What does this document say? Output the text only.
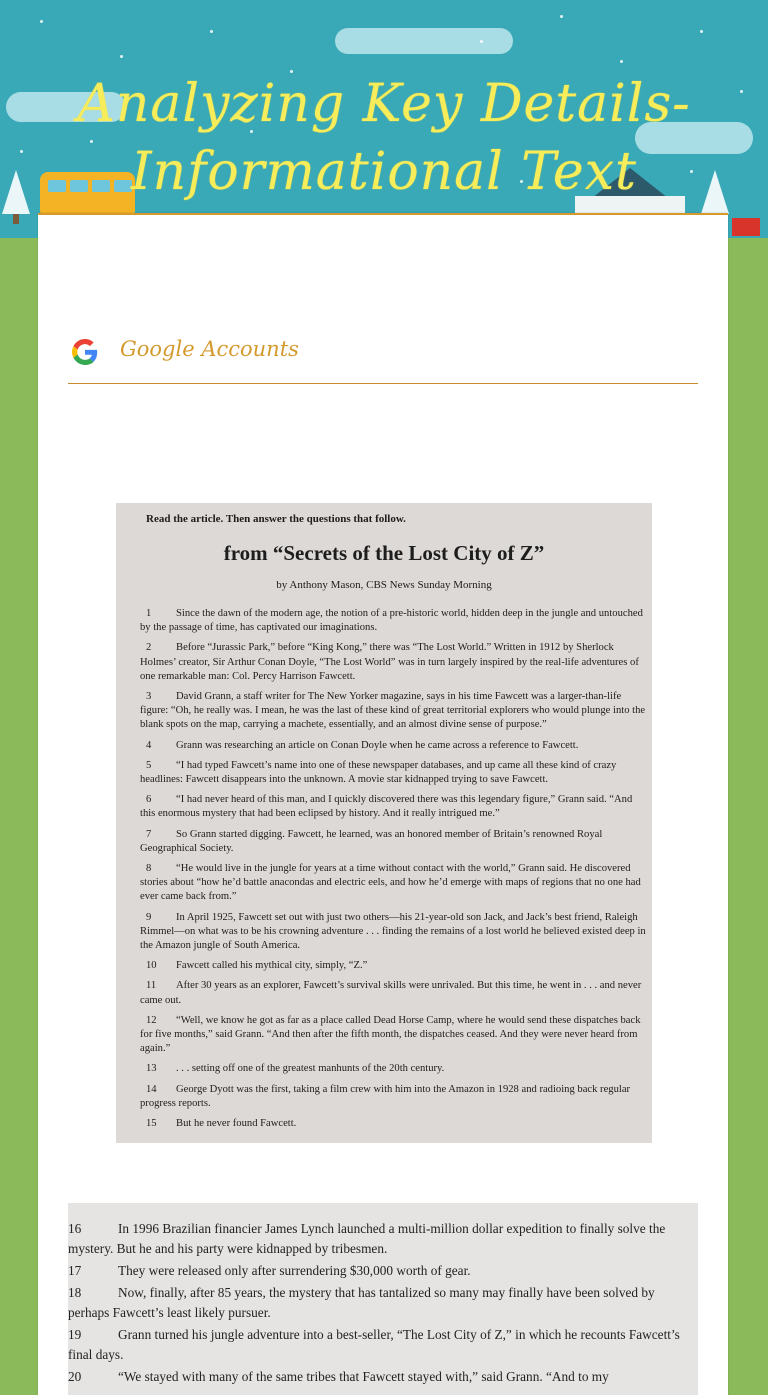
Analyzing Key Details-
Informational Text
Google Accounts
Read the article. Then answer the questions that follow.
from “Secrets of the Lost City of Z”
by Anthony Mason, CBS News Sunday Morning
1 Since the dawn of the modern age, the notion of a pre-historic world, hidden deep in the jungle and untouched by the passage of time, has captivated our imaginations.
2 Before “Jurassic Park,” before “King Kong,” there was “The Lost World.” Written in 1912 by Sherlock Holmes’ creator, Sir Arthur Conan Doyle, “The Lost World” was in turn largely inspired by the real-life adventures of one remarkable man: Col. Percy Harrison Fawcett.
3 David Grann, a staff writer for The New Yorker magazine, says in his time Fawcett was a larger-than-life figure: “Oh, he really was. I mean, he was the last of these kind of great territorial explorers who would plunge into the blank spots on the map, carrying a machete, essentially, and an almost divine sense of purpose.”
4 Grann was researching an article on Conan Doyle when he came across a reference to Fawcett.
5 “I had typed Fawcett’s name into one of these newspaper databases, and up came all these kind of crazy headlines: Fawcett disappears into the unknown. A movie star kidnapped trying to save Fawcett.
6 “I had never heard of this man, and I quickly discovered there was this legendary figure,” Grann said. “And this enormous mystery that had been eclipsed by history. And it really intrigued me.”
7 So Grann started digging. Fawcett, he learned, was an honored member of Britain’s renowned Royal Geographical Society.
8 “He would live in the jungle for years at a time without contact with the world,” Grann said. He discovered stories about “how he’d battle anacondas and electric eels, and how he’d emerge with maps of regions that no one had ever came back from.”
9 In April 1925, Fawcett set out with just two others—his 21-year-old son Jack, and Jack’s best friend, Raleigh Rimmel—on what was to be his crowning adventure . . . finding the remains of a lost world he believed existed deep in the Amazon jungle of South America.
10 Fawcett called his mythical city, simply, “Z.”
11 After 30 years as an explorer, Fawcett’s survival skills were unrivaled. But this time, he went in . . . and never came out.
12 “Well, we know he got as far as a place called Dead Horse Camp, where he would send these dispatches back for five months,” said Grann. “And then after the fifth month, the dispatches ceased. And they were never heard from again.”
13 . . . setting off one of the greatest manhunts of the 20th century.
14 George Dyott was the first, taking a film crew with him into the Amazon in 1928 and radioing back regular progress reports.
15 But he never found Fawcett.
16	In 1996 Brazilian financier James Lynch launched a multi-million dollar expedition to finally solve the mystery. But he and his party were kidnapped by tribesmen.
17	They were released only after surrendering $30,000 worth of gear.
18	Now, finally, after 85 years, the mystery that has tantalized so many may finally have been solved by perhaps Fawcett’s least likely pursuer.
19	Grann turned his jungle adventure into a best-seller, “The Lost City of Z,” in which he recounts Fawcett’s final days.
20	“We stayed with many of the same tribes that Fawcett stayed with,” said Grann. “And to my
